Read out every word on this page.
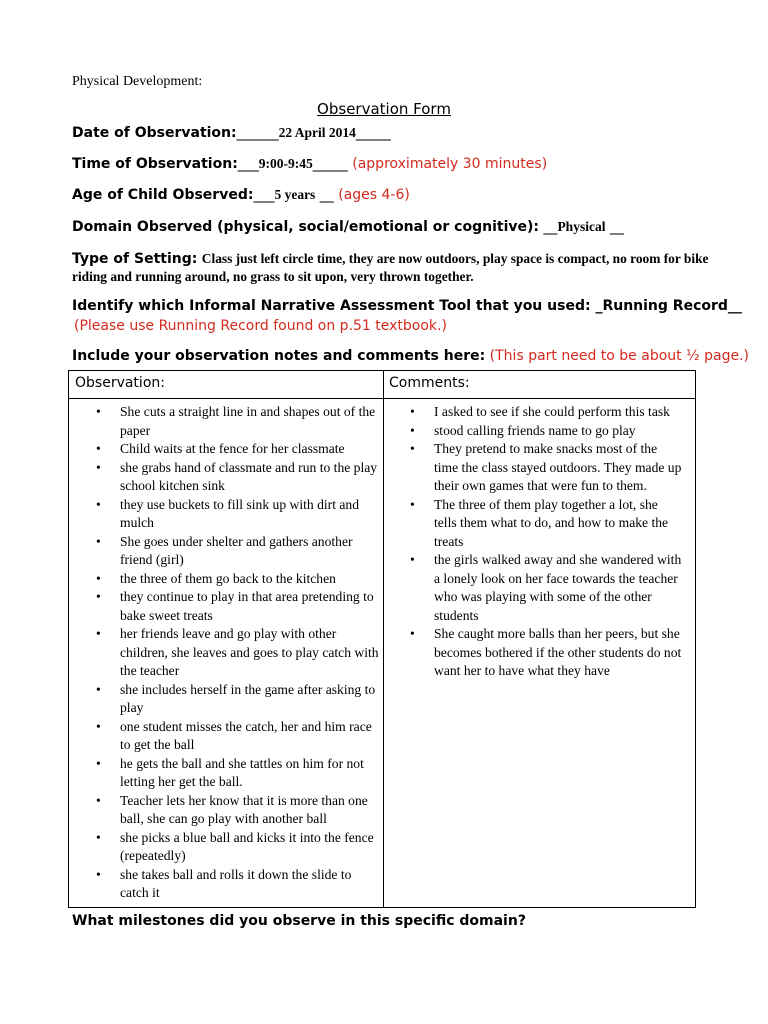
Physical Development:
Observation Form
Date of Observation:______22 April 2014_____
Time of Observation:___9:00-9:45_____ (approximately 30 minutes)
Age of Child Observed:___5 years __ (ages 4-6)
Domain Observed (physical, social/emotional or cognitive): __Physical __
Type of Setting: Class just left circle time, they are now outdoors, play space is compact, no room for bike riding and running around, no grass to sit upon, very thrown together.
Identify which Informal Narrative Assessment Tool that you used: _Running Record__
(Please use Running Record found on p.51 textbook.)
Include your observation notes and comments here: (This part need to be about ½ page.)
Observation:	Comments:
• She cuts a straight line in and shapes out of the paper
• Child waits at the fence for her classmate
• she grabs hand of classmate and run to the play school kitchen sink
• they use buckets to fill sink up with dirt and mulch
• She goes under shelter and gathers another friend (girl)
• the three of them go back to the kitchen
• they continue to play in that area pretending to bake sweet treats
• her friends leave and go play with other children, she leaves and goes to play catch with the teacher
• she includes herself in the game after asking to play
• one student misses the catch, her and him race to get the ball
• he gets the ball and she tattles on him for not letting her get the ball.
• Teacher lets her know that it is more than one ball, she can go play with another ball
• she picks a blue ball and kicks it into the fence (repeatedly)
• she takes ball and rolls it down the slide to catch it
• I asked to see if she could perform this task
• stood calling friends name to go play
• They pretend to make snacks most of the time the class stayed outdoors. They made up their own games that were fun to them.
• The three of them play together a lot, she tells them what to do, and how to make the treats
• the girls walked away and she wandered with a lonely look on her face towards the teacher who was playing with some of the other students
• She caught more balls than her peers, but she becomes bothered if the other students do not want her to have what they have
What milestones did you observe in this specific domain?
